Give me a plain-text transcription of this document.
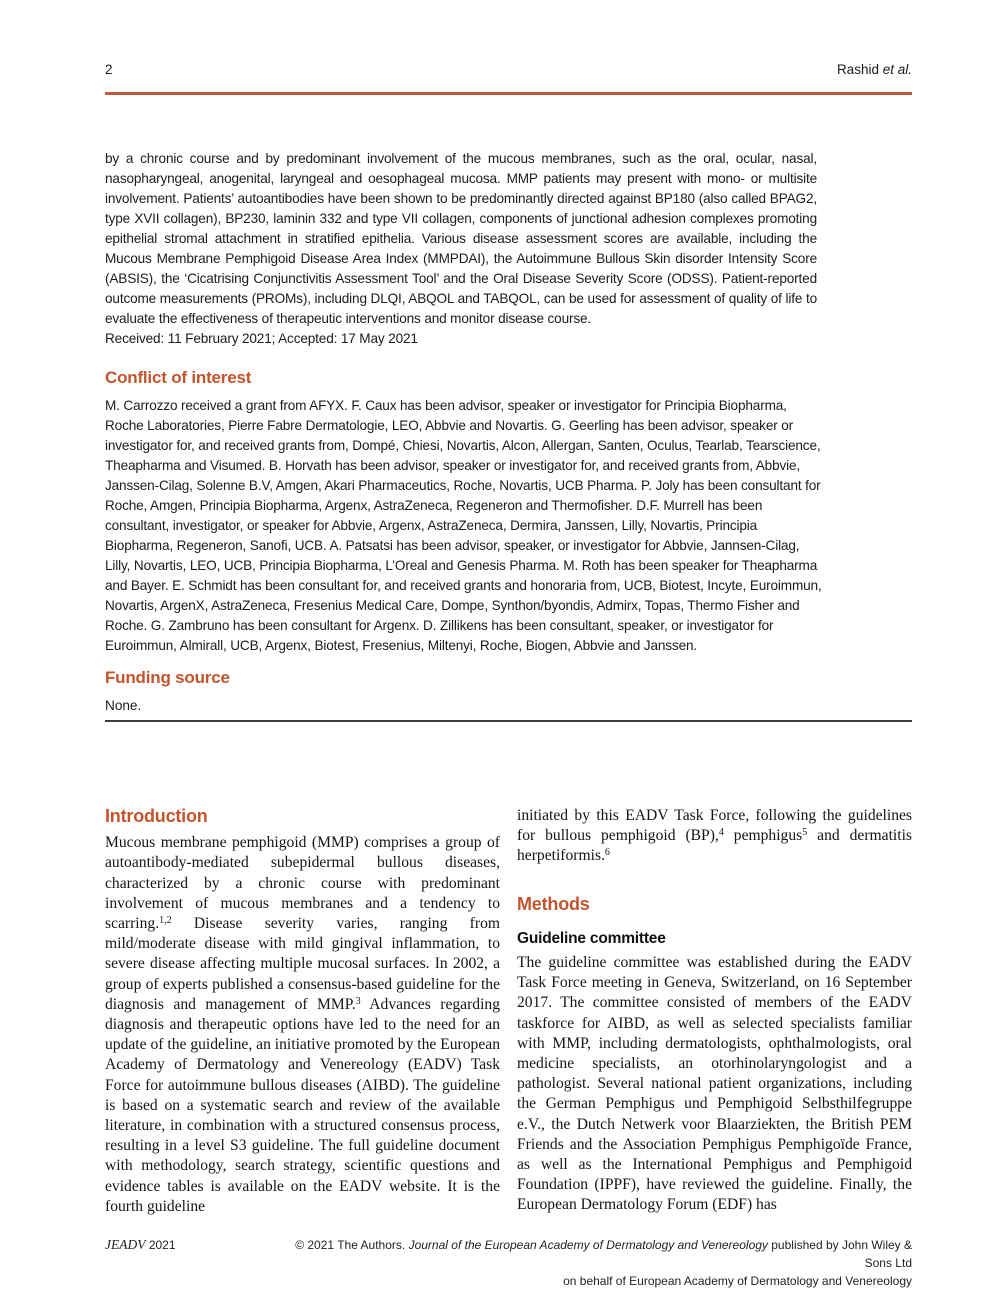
2	Rashid et al.

by a chronic course and by predominant involvement of the mucous membranes, such as the oral, ocular, nasal, nasopharyngeal, anogenital, laryngeal and oesophageal mucosa. MMP patients may present with mono- or multisite involvement. Patients’ autoantibodies have been shown to be predominantly directed against BP180 (also called BPAG2, type XVII collagen), BP230, laminin 332 and type VII collagen, components of junctional adhesion complexes promoting epithelial stromal attachment in stratified epithelia. Various disease assessment scores are available, including the Mucous Membrane Pemphigoid Disease Area Index (MMPDAI), the Autoimmune Bullous Skin disorder Intensity Score (ABSIS), the ‘Cicatrising Conjunctivitis Assessment Tool’ and the Oral Disease Severity Score (ODSS). Patient-reported outcome measurements (PROMs), including DLQI, ABQOL and TABQOL, can be used for assessment of quality of life to evaluate the effectiveness of therapeutic interventions and monitor disease course.

Received: 11 February 2021; Accepted: 17 May 2021

Conflict of interest

M. Carrozzo received a grant from AFYX. F. Caux has been advisor, speaker or investigator for Principia Biopharma, Roche Laboratories, Pierre Fabre Dermatologie, LEO, Abbvie and Novartis. G. Geerling has been advisor, speaker or investigator for, and received grants from, Dompé, Chiesi, Novartis, Alcon, Allergan, Santen, Oculus, Tearlab, Tearscience, Theapharma and Visumed. B. Horvath has been advisor, speaker or investigator for, and received grants from, Abbvie, Janssen-Cilag, Solenne B.V, Amgen, Akari Pharmaceutics, Roche, Novartis, UCB Pharma. P. Joly has been consultant for Roche, Amgen, Principia Biopharma, Argenx, AstraZeneca, Regeneron and Thermofisher. D.F. Murrell has been consultant, investigator, or speaker for Abbvie, Argenx, AstraZeneca, Dermira, Janssen, Lilly, Novartis, Principia Biopharma, Regeneron, Sanofi, UCB. A. Patsatsi has been advisor, speaker, or investigator for Abbvie, Jannsen-Cilag, Lilly, Novartis, LEO, UCB, Principia Biopharma, L’Oreal and Genesis Pharma. M. Roth has been speaker for Theapharma and Bayer. E. Schmidt has been consultant for, and received grants and honoraria from, UCB, Biotest, Incyte, Euroimmun, Novartis, ArgenX, AstraZeneca, Fresenius Medical Care, Dompe, Synthon/byondis, Admirx, Topas, Thermo Fisher and Roche. G. Zambruno has been consultant for Argenx. D. Zillikens has been consultant, speaker, or investigator for Euroimmun, Almirall, UCB, Argenx, Biotest, Fresenius, Miltenyi, Roche, Biogen, Abbvie and Janssen.

Funding source

None.

Introduction

Mucous membrane pemphigoid (MMP) comprises a group of autoantibody-mediated subepidermal bullous diseases, characterized by a chronic course with predominant involvement of mucous membranes and a tendency to scarring.$^{1,2}$ Disease severity varies, ranging from mild/moderate disease with mild gingival inflammation, to severe disease affecting multiple mucosal surfaces. In 2002, a group of experts published a consensus-based guideline for the diagnosis and management of MMP.$^3$ Advances regarding diagnosis and therapeutic options have led to the need for an update of the guideline, an initiative promoted by the European Academy of Dermatology and Venereology (EADV) Task Force for autoimmune bullous diseases (AIBD). The guideline is based on a systematic search and review of the available literature, in combination with a structured consensus process, resulting in a level S3 guideline. The full guideline document with methodology, search strategy, scientific questions and evidence tables is available on the EADV website. It is the fourth guideline

initiated by this EADV Task Force, following the guidelines for bullous pemphigoid (BP),$^4$ pemphigus$^5$ and dermatitis herpetiformis.$^6$

Methods
Guideline committee

The guideline committee was established during the EADV Task Force meeting in Geneva, Switzerland, on 16 September 2017. The committee consisted of members of the EADV taskforce for AIBD, as well as selected specialists familiar with MMP, including dermatologists, ophthalmologists, oral medicine specialists, an otorhinolaryngologist and a pathologist. Several national patient organizations, including the German Pemphigus und Pemphigoid Selbsthilfegruppe e.V., the Dutch Netwerk voor Blaarziekten, the British PEM Friends and the Association Pemphigus Pemphigoïde France, as well as the International Pemphigus and Pemphigoid Foundation (IPPF), have reviewed the guideline. Finally, the European Dermatology Forum (EDF) has

JEADV 2021	© 2021 The Authors. Journal of the European Academy of Dermatology and Venereology published by John Wiley & Sons Ltd
on behalf of European Academy of Dermatology and Venereology
